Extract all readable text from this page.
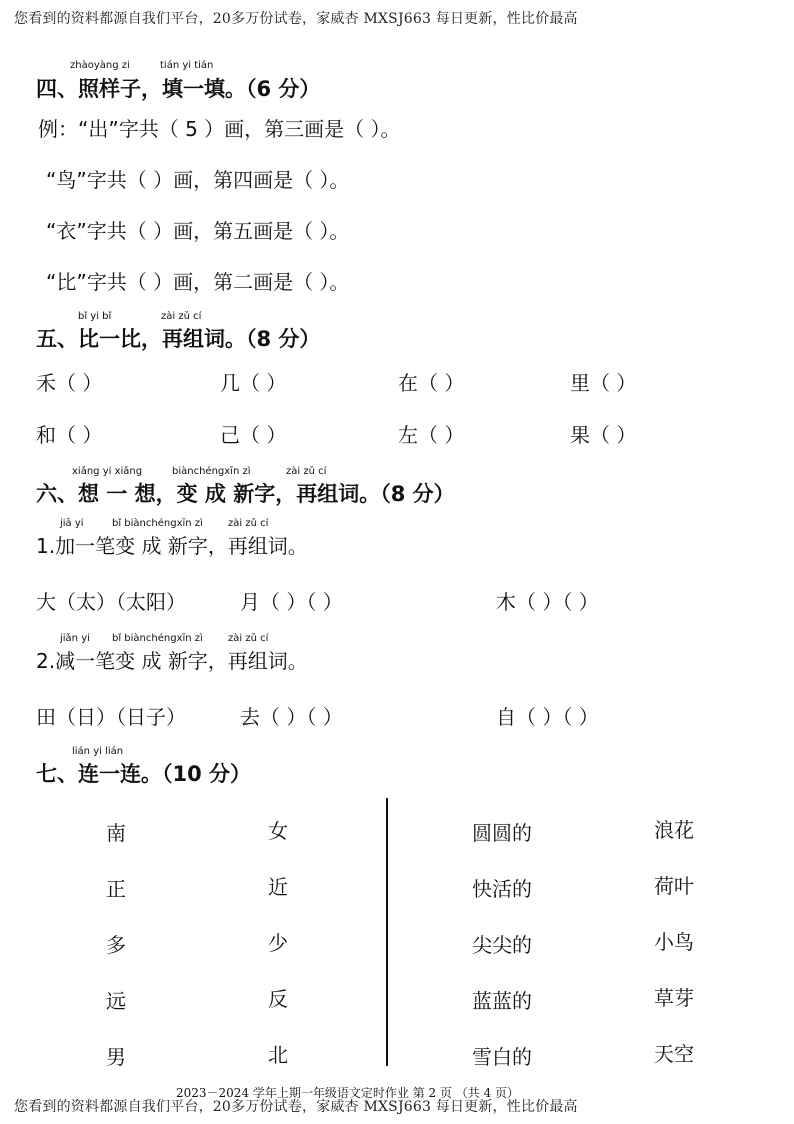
您看到的资料都源自我们平台，20多万份试卷，家威杏 MXSJ663 每日更新，性比价最高
zhàoyàng zi	tián yi tián
四、照样子，填一填。（6 分）
例：“出”字共（ 5 ）画，第三画是（ ）。
“鸟”字共（ ）画，第四画是（ ）。
“衣”字共（ ）画，第五画是（ ）。
“比”字共（ ）画，第二画是（ ）。
bǐ yi bǐ	zài zǔ cí
五、比一比，再组词。（8 分）
禾（ ）	几（ ）	在（ ）	里（ ）
和（ ）	己（ ）	左（ ）	果（ ）
xiǎng yi xiǎng	biànchéngxīn zì	zài zǔ cí
六、想 一 想，变 成 新字，再组词。（8 分）
jiā yi	bǐ biànchéngxīn zì	zài zǔ cí
1.加一笔变 成 新字，再组词。
大（太）（太阳）	月（ ）（ ）	木（ ）（ ）
jiǎn yi bǐ biànchéngxīn zì	zài zǔ cí
2.减一笔变 成 新字，再组词。
田（日）（日子）	去（ ）（ ）	自（ ）（ ）
lián yi lián
七、连一连。（10 分）
南
正
多
远
男
女
近
少
反
北
圆圆的
快活的
尖尖的
蓝蓝的
雪白的
浪花
荷叶
小鸟
草芽
天空
2023－2024 学年上期一年级语文定时作业 第 2 页 （共 4 页）
您看到的资料都源自我们平台，20多万份试卷，家威杏 MXSJ663 每日更新，性比价最高
